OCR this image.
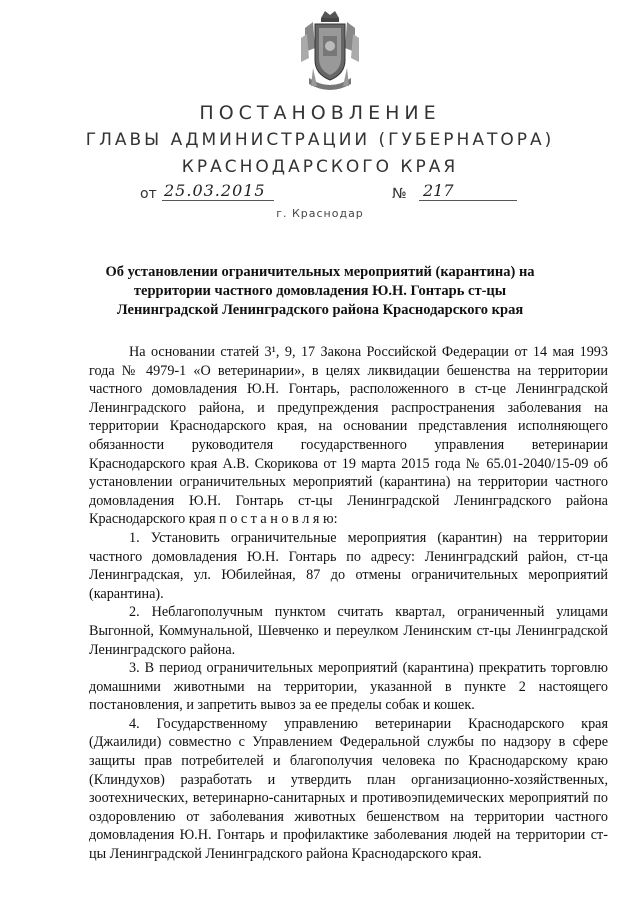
ПОСТАНОВЛЕНИЕ
ГЛАВЫ АДМИНИСТРАЦИИ (ГУБЕРНАТОРА)
КРАСНОДАРСКОГО КРАЯ
от 25.03.2015	№ 217
г. Краснодар
Об установлении ограничительных мероприятий (карантина) на территории частного домовладения Ю.Н. Гонтарь ст-цы Ленинградской Ленинградского района Краснодарского края

На основании статей 3¹, 9, 17 Закона Российской Федерации от 14 мая 1993 года № 4979-1 «О ветеринарии», в целях ликвидации бешенства на территории частного домовладения Ю.Н. Гонтарь, расположенного в ст-це Ленинградской Ленинградского района, и предупреждения распространения заболевания на территории Краснодарского края, на основании представления исполняющего обязанности руководителя государственного управления ветеринарии Краснодарского края А.В. Скорикова от 19 марта 2015 года № 65.01-2040/15-09 об установлении ограничительных мероприятий (карантина) на территории частного домовладения Ю.Н. Гонтарь ст-цы Ленинградской Ленинградского района Краснодарского края п о с т а н о в л я ю:

1. Установить ограничительные мероприятия (карантин) на территории частного домовладения Ю.Н. Гонтарь по адресу: Ленинградский район, ст-ца Ленинградская, ул. Юбилейная, 87 до отмены ограничительных мероприятий (карантина).

2. Неблагополучным пунктом считать квартал, ограниченный улицами Выгонной, Коммунальной, Шевченко и переулком Ленинским ст-цы Ленинградской Ленинградского района.

3. В период ограничительных мероприятий (карантина) прекратить торговлю домашними животными на территории, указанной в пункте 2 настоящего постановления, и запретить вывоз за ее пределы собак и кошек.

4. Государственному управлению ветеринарии Краснодарского края (Джаилиди) совместно с Управлением Федеральной службы по надзору в сфере защиты прав потребителей и благополучия человека по Краснодарскому краю (Клиндухов) разработать и утвердить план организационно-хозяйственных, зоотехнических, ветеринарно-санитарных и противоэпидемических мероприятий по оздоровлению от заболевания животных бешенством на территории частного домовладения Ю.Н. Гонтарь и профилактике заболевания людей на территории ст-цы Ленинградской Ленинградского района Краснодарского края.
